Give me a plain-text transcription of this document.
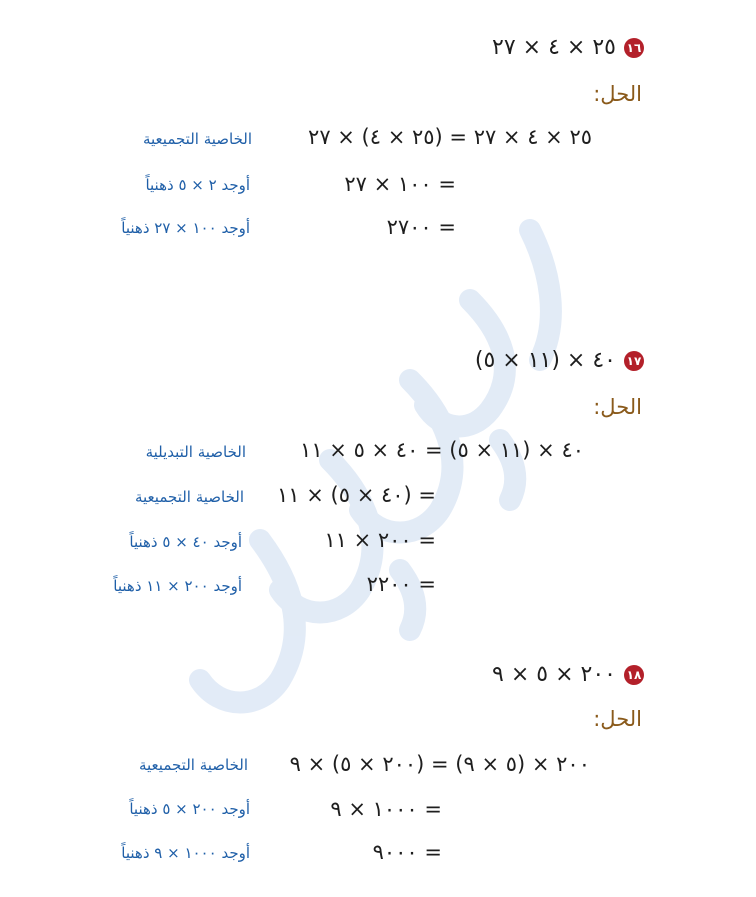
١٦
٢٥ × ٤ × ٢٧
الحل:
٢٥ × ٤ × ٢٧ = (٢٥ × ٤) × ٢٧
الخاصية التجميعية
= ١٠٠ × ٢٧
أوجد ٢ × ٥ ذهنياً
= ٢٧٠٠
أوجد ١٠٠ × ٢٧ ذهنياً
١٧
٤٠ × (١١ × ٥)
الحل:
٤٠ × (١١ × ٥) = ٤٠ × ٥ × ١١
الخاصية التبديلية
= (٤٠ × ٥) × ١١
الخاصية التجميعية
= ٢٠٠ × ١١
أوجد ٤٠ × ٥ ذهنياً
= ٢٢٠٠
أوجد ٢٠٠ × ١١ ذهنياً
١٨
٢٠٠ × ٥ × ٩
الحل:
٢٠٠ × (٥ × ٩) = (٢٠٠ × ٥) × ٩
الخاصية التجميعية
= ١٠٠٠ × ٩
أوجد ٢٠٠ × ٥ ذهنياً
= ٩٠٠٠
أوجد ١٠٠٠ × ٩ ذهنياً
